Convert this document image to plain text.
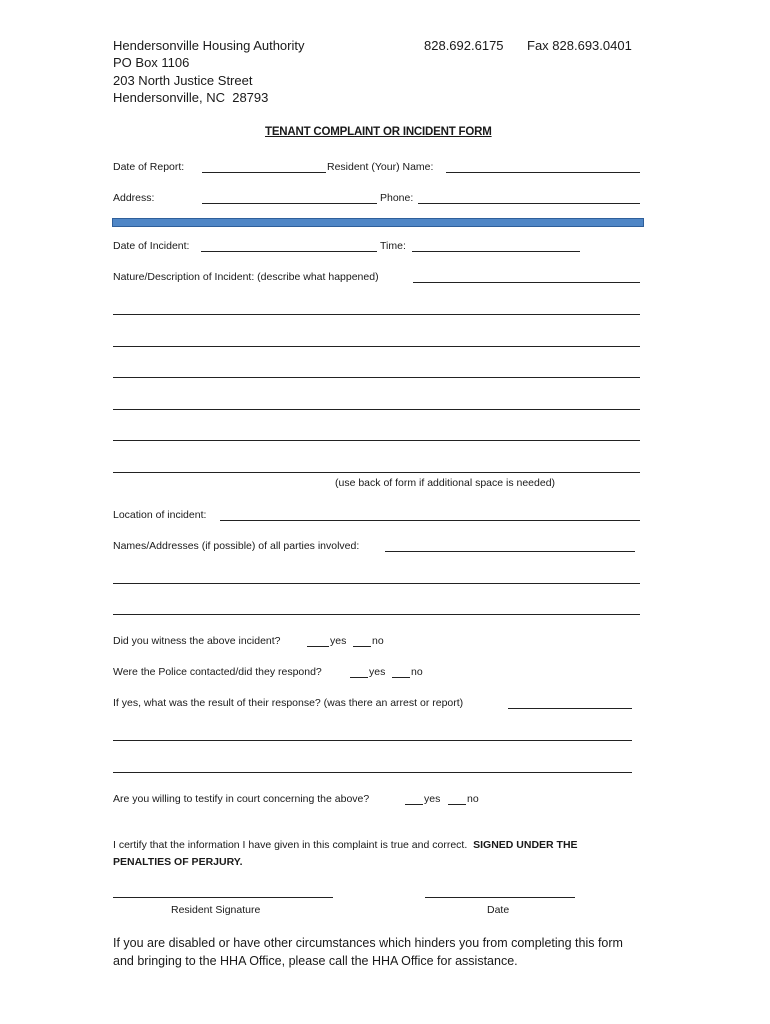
Hendersonville Housing Authority
PO Box 1106
203 North Justice Street
Hendersonville, NC  28793
828.692.6175 Fax 828.693.0401
TENANT COMPLAINT OR INCIDENT FORM
Date of Report:	Resident (Your) Name:
Address:	Phone:
Date of Incident:	Time:
Nature/Description of Incident: (describe what happened)
(use back of form if additional space is needed)
Location of incident:
Names/Addresses (if possible) of all parties involved:
Did you witness the above incident?	yes no
Were the Police contacted/did they respond?	yes no
If yes, what was the result of their response? (was there an arrest or report)
Are you willing to testify in court concerning the above?	yes	no
I certify that the information I have given in this complaint is true and correct. SIGNED UNDER THE
PENALTIES OF PERJURY.
Resident Signature	Date
If you are disabled or have other circumstances which hinders you from completing this form
and bringing to the HHA Office, please call the HHA Office for assistance.
